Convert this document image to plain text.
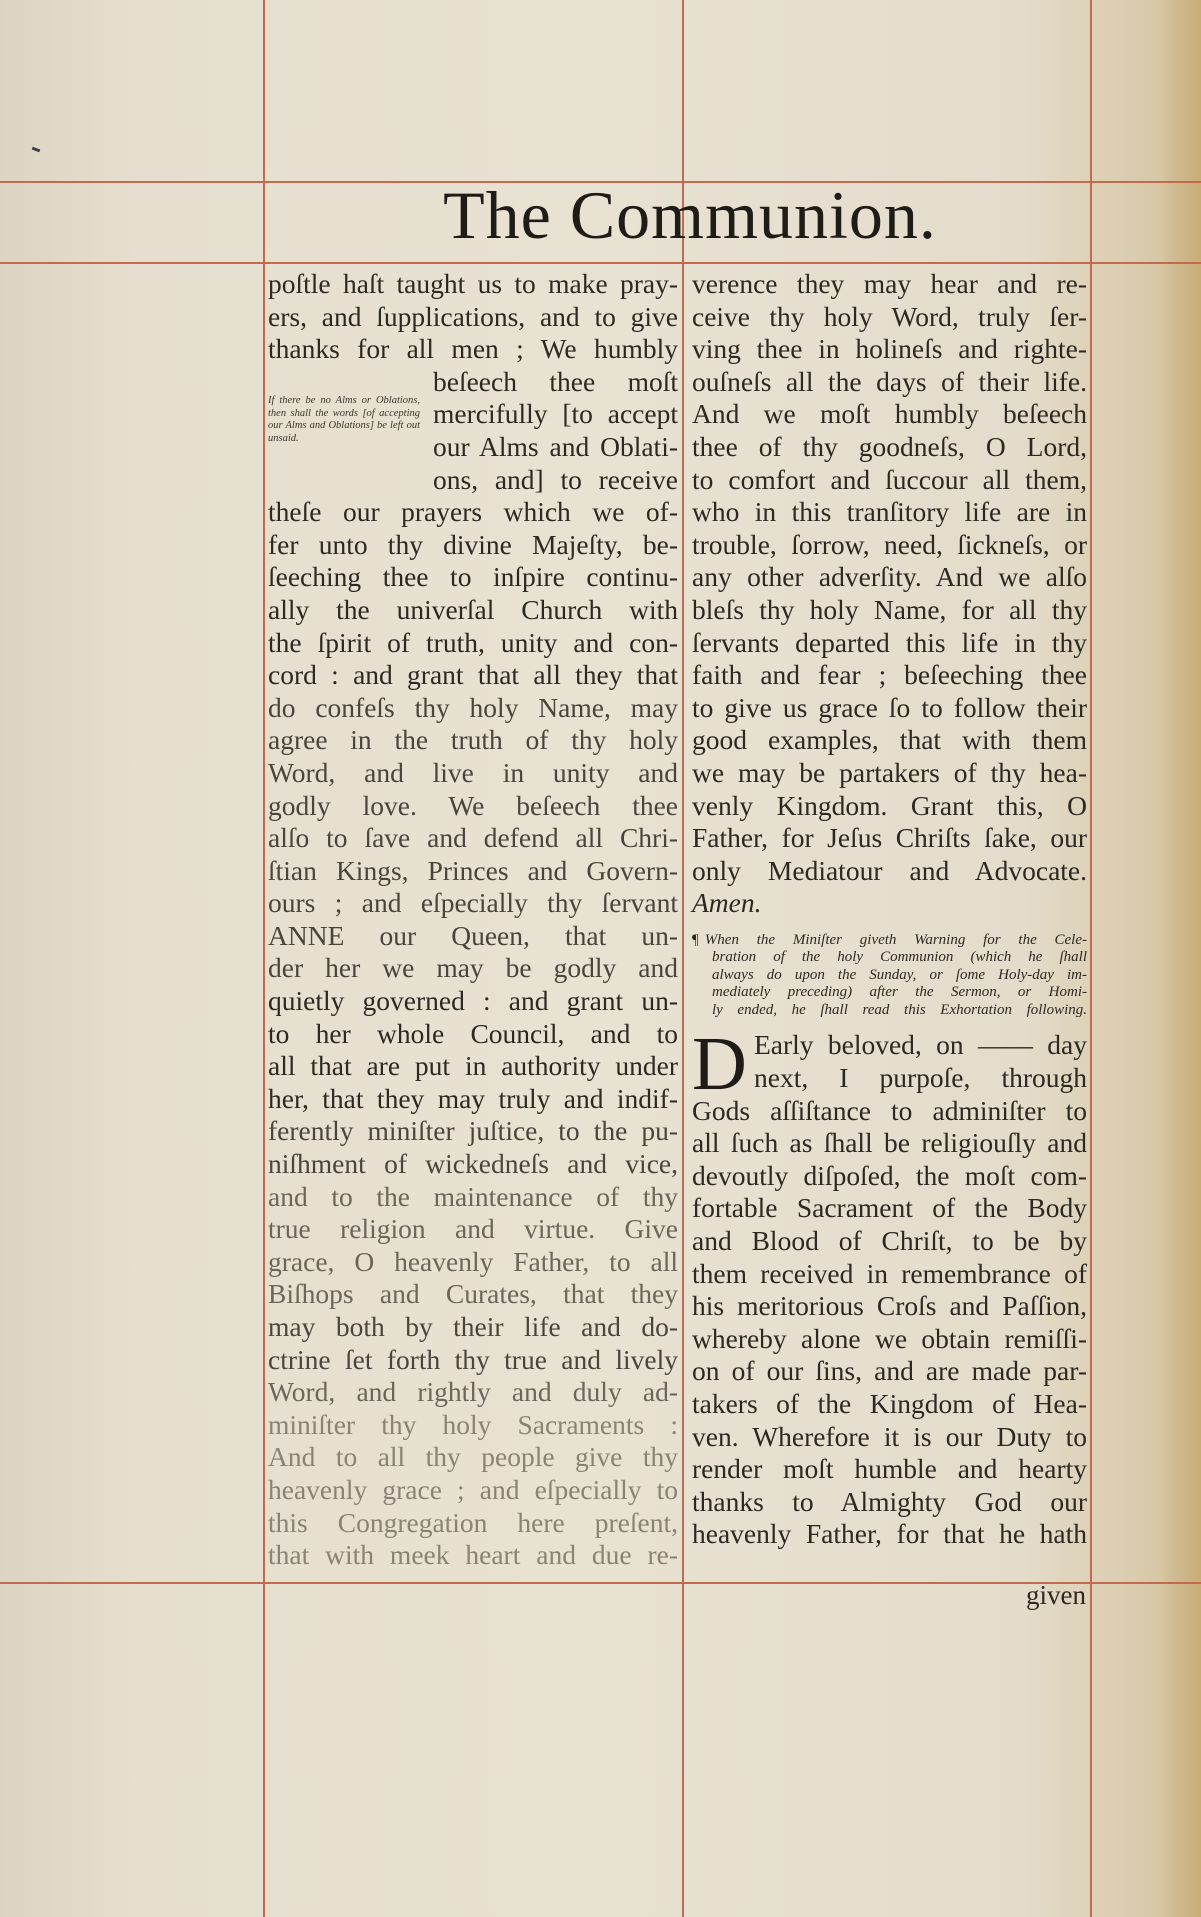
The Communion.
If there be no Alms or Oblations, then shall the words [of accepting our Alms and Oblations] be left out unsaid.
poſtle haſt taught us to make pray-
ers, and ſupplications, and to give
thanks for all men ; We humbly
beſeech thee moſt
mercifully [to accept
our Alms and Oblati-
ons, and] to receive
theſe our prayers which we of-
fer unto thy divine Majeſty, be-
ſeeching thee to inſpire continu-
ally the univerſal Church with
the ſpirit of truth, unity and con-
cord : and grant that all they that
do confeſs thy holy Name, may
agree in the truth of thy holy
Word, and live in unity and
godly love. We beſeech thee
alſo to ſave and defend all Chri-
ſtian Kings, Princes and Govern-
ours ; and eſpecially thy ſervant
ANNE our Queen, that un-
der her we may be godly and
quietly governed : and grant un-
to her whole Council, and to
all that are put in authority under
her, that they may truly and indif-
ferently miniſter juſtice, to the pu-
niſhment of wickedneſs and vice,
and to the maintenance of thy
true religion and virtue. Give
grace, O heavenly Father, to all
Biſhops and Curates, that they
may both by their life and do-
ctrine ſet forth thy true and lively
Word, and rightly and duly ad-
miniſter thy holy Sacraments :
And to all thy people give thy
heavenly grace ; and eſpecially to
this Congregation here preſent,
that with meek heart and due re-
verence they may hear and re-
ceive thy holy Word, truly ſer-
ving thee in holineſs and righte-
ouſneſs all the days of their life.
And we moſt humbly beſeech
thee of thy goodneſs, O Lord,
to comfort and ſuccour all them,
who in this tranſitory life are in
trouble, ſorrow, need, ſickneſs, or
any other adverſity. And we alſo
bleſs thy holy Name, for all thy
ſervants departed this life in thy
faith and fear ; beſeeching thee
to give us grace ſo to follow their
good examples, that with them
we may be partakers of thy hea-
venly Kingdom. Grant this, O
Father, for Jeſus Chriſts ſake, our
only Mediatour and Advocate.
Amen.
¶ When the Miniſter giveth Warning for the Cele-
bration of the holy Communion (which he ſhall
always do upon the Sunday, or ſome Holy-day im-
mediately preceding) after the Sermon, or Homi-
ly ended, he ſhall read this Exhortation following.
D Early beloved, on —— day
next, I purpoſe, through
Gods aſſiſtance to adminiſter to
all ſuch as ſhall be religiouſly and
devoutly diſpoſed, the moſt com-
fortable Sacrament of the Body
and Blood of Chriſt, to be by
them received in remembrance of
his meritorious Croſs and Paſſion,
whereby alone we obtain remiſſi-
on of our ſins, and are made par-
takers of the Kingdom of Hea-
ven. Wherefore it is our Duty to
render moſt humble and hearty
thanks to Almighty God our
heavenly Father, for that he hath
given
